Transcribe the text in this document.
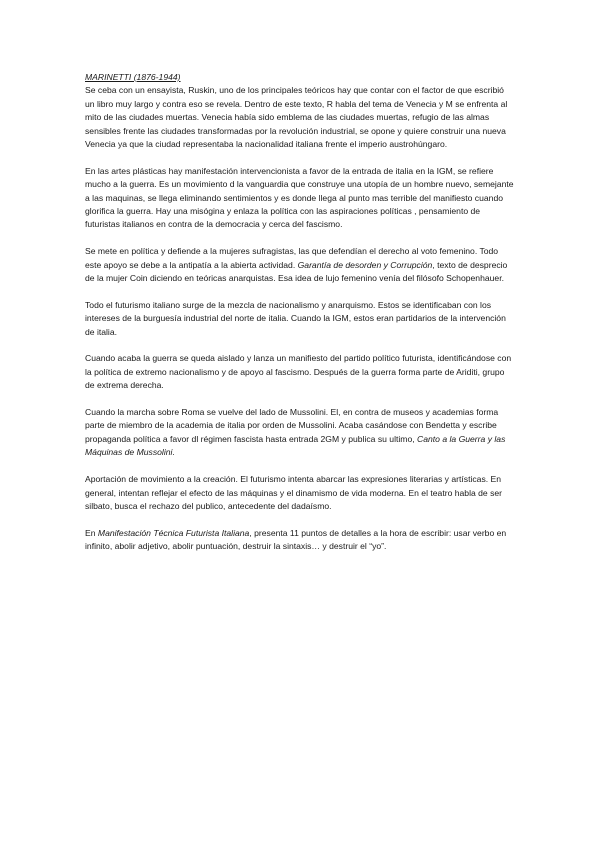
MARINETTI (1876-1944)

Se ceba con un ensayista, Ruskin, uno de los principales teóricos hay que contar con el factor de que escribió un libro muy largo y contra eso se revela. Dentro de este texto, R habla del tema de Venecia y M se enfrenta al mito de las ciudades muertas. Venecia había sido emblema de las ciudades muertas, refugio de las almas sensibles frente las ciudades transformadas por la revolución industrial, se opone y quiere construir una nueva Venecia ya que la ciudad representaba la nacionalidad italiana frente el imperio austrohúngaro.

En las artes plásticas hay manifestación intervencionista a favor de la entrada de italia en la IGM, se refiere mucho a la guerra. Es un movimiento d la vanguardia que construye una utopía de un hombre nuevo, semejante a las maquinas, se llega eliminando sentimientos y es donde llega al punto mas terrible del manifiesto cuando glorifica la guerra. Hay una misógina y enlaza la política con las aspiraciones políticas , pensamiento de futuristas italianos en contra de la democracia y cerca del fascismo.

Se mete en política y defiende a la mujeres sufragistas, las que defendían el derecho al voto femenino. Todo este apoyo se debe a la antipatía a la abierta actividad. Garantía de desorden y Corrupción, texto de desprecio de la mujer Coin diciendo en teóricas anarquistas. Esa idea de lujo femenino venía del filósofo Schopenhauer.

Todo el futurismo italiano surge de la mezcla de nacionalismo y anarquismo. Estos se identificaban con los intereses de la burguesía industrial del norte de italia. Cuando la IGM, estos eran partidarios de la intervención de italia.

Cuando acaba la guerra se queda aislado y lanza un manifiesto del partido político futurista, identificándose con la política de extremo nacionalismo y de apoyo al fascismo. Después de la guerra forma parte de Ariditi, grupo de extrema derecha.

Cuando la marcha sobre Roma se vuelve del lado de Mussolini. El, en contra de museos y academias forma parte de miembro de la academia de italia por orden de Mussolini. Acaba casándose con Bendetta y escribe propaganda política a favor dl régimen fascista hasta entrada 2GM y publica su ultimo, Canto a la Guerra y las Máquinas de Mussolini.

Aportación de movimiento a la creación. El futurismo intenta abarcar las expresiones literarias y artísticas. En general, intentan reflejar el efecto de las máquinas y el dinamismo de vida moderna. En el teatro habla de ser silbato, busca el rechazo del publico, antecedente del dadaísmo.

En Manifestación Técnica Futurista Italiana, presenta 11 puntos de detalles a la hora de escribir: usar verbo en infinito, abolir adjetivo, abolir puntuación, destruir la sintaxis… y destruir el “yo”.
